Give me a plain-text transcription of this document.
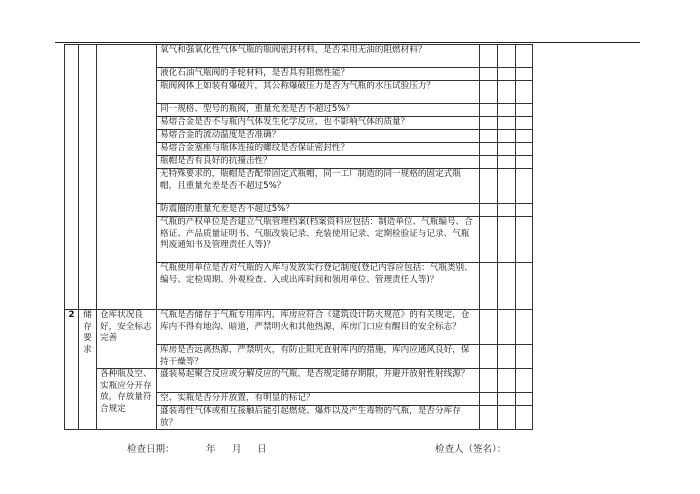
			氧气和强氧化性气体气瓶的瓶阀密封材料，是否采用无油的阻燃材料？			
			液化石油气瓶阀的手轮材料，是否具有阻燃性能？			
			瓶阀阀体上如装有爆破片，其公称爆破压力是否为气瓶的水压试验压力？			
			同一规格、型号的瓶阀，重量允差是否不超过5%？			
			易熔合金是否不与瓶内气体发生化学反应，也不影响气体的质量？			
			易熔合金的流动温度是否准确？			
			易熔合金塞座与瓶体连接的螺纹是否保证密封性？			
			瓶帽是否有良好的抗撞击性？			
			无特殊要求的，瓶帽是否配带固定式瓶帽，同一工厂制造的同一规格的固定式瓶帽，且重量允差是否不超过5%？			
			防震圈的重量允差是否不超过5%？			
			气瓶的产权单位是否建立气瓶管理档案(档案资料应包括：制造单位、气瓶编号、合格证、产品质量证明书、气瓶改装记录、充装使用记录、定期检验证与记录、气瓶判废通知书及管理责任人等)？			
			气瓶使用单位是否对气瓶的入库与发放实行登记制度(登记内容应包括：气瓶类别、编号、定检周期、外观检查、入或出库时间和领用单位、管理责任人等)？			
2	储存要求	仓库状况良好，安全标志完善	气瓶是否储存于气瓶专用库内，库房应符合《建筑设计防火规范》的有关规定，仓库内不得有地沟、暗道，严禁明火和其他热源，库房门口应有醒目的安全标志？			
			库房是否远离热源，严禁明火，有防止阳光直射库内的措施，库内应通风良好，保持干燥等？			
		各种瓶及空、实瓶应分开存放，存放量符合规定	盛装易起聚合反应或分解反应的气瓶，是否规定储存期限，并避开放射性射线源？			
			空、实瓶是否分开放置，有明显的标记？			
			盛装毒性气体或相互接触后能引起燃烧、爆炸以及产生毒物的气瓶，是否分库存放？			
检查日期：	年 月 日	检查人（签名）：
